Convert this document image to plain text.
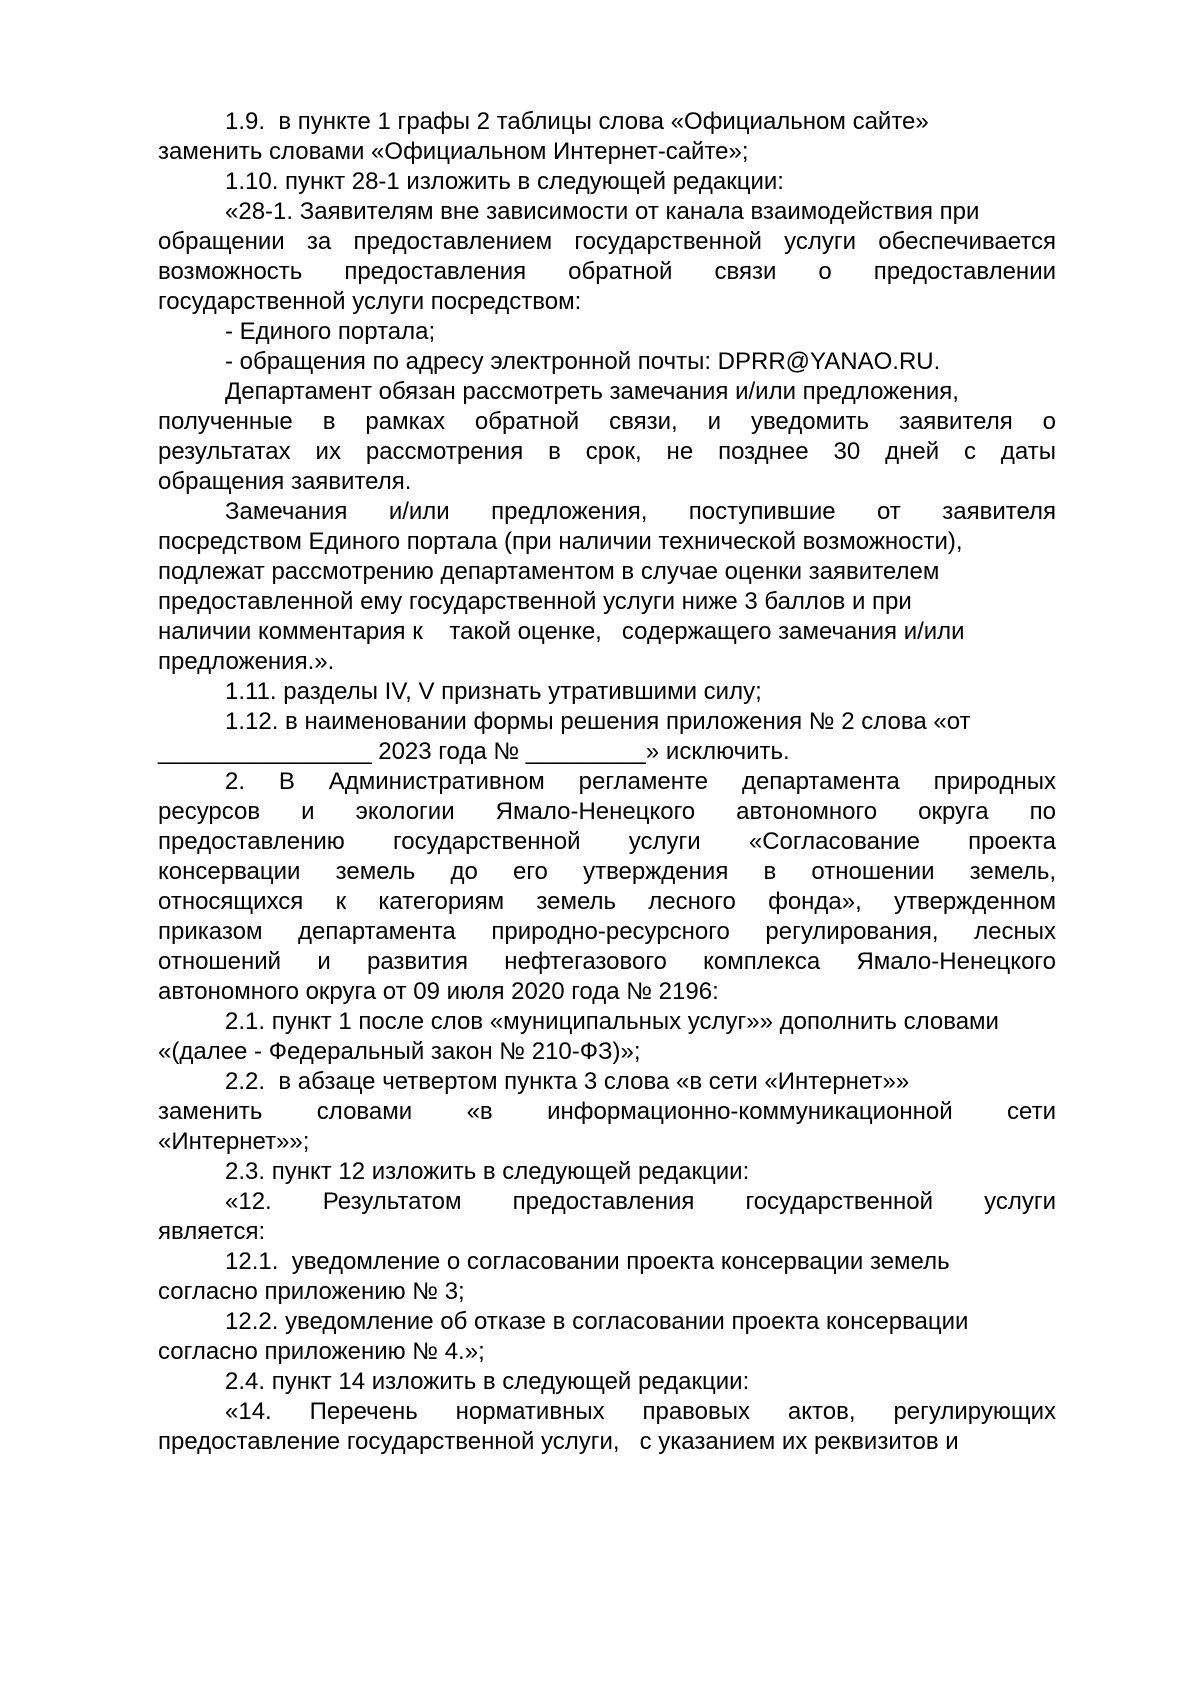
1.9.  в пункте 1 графы 2 таблицы слова «Официальном сайте»
заменить словами «Официальном Интернет-сайте»;
1.10. пункт 28-1 изложить в следующей редакции:
«28-1. Заявителям вне зависимости от канала взаимодействия при
обращении за предоставлением государственной услуги обеспечивается
возможность предоставления обратной связи о предоставлении
государственной услуги посредством:
- Единого портала;
- обращения по адресу электронной почты: DPRR@YANAO.RU.
Департамент обязан рассмотреть замечания и/или предложения,
полученные в рамках обратной связи, и уведомить заявителя о
результатах их рассмотрения в срок, не позднее 30 дней с даты
обращения заявителя.
Замечания и/или предложения, поступившие от заявителя
посредством Единого портала (при наличии технической возможности),
подлежат рассмотрению департаментом в случае оценки заявителем
предоставленной ему государственной услуги ниже 3 баллов и при
наличии комментария к    такой оценке,   содержащего замечания и/или
предложения.».
1.11. разделы IV, V признать утратившими силу;
1.12. в наименовании формы решения приложения № 2 слова «от
________________ 2023 года № _________» исключить.
2. В Административном регламенте департамента природных
ресурсов и экологии Ямало-Ненецкого автономного округа по
предоставлению государственной услуги «Согласование проекта
консервации земель до его утверждения в отношении земель,
относящихся к категориям земель лесного фонда», утвержденном
приказом департамента природно-ресурсного регулирования, лесных
отношений и развития нефтегазового комплекса Ямало-Ненецкого
автономного округа от 09 июля 2020 года № 2196:
2.1. пункт 1 после слов «муниципальных услуг»» дополнить словами
«(далее - Федеральный закон № 210-ФЗ)»;
2.2.  в абзаце четвертом пункта 3 слова «в сети «Интернет»»
заменить словами «в информационно-коммуникационной сети
«Интернет»»;
2.3. пункт 12 изложить в следующей редакции:
«12. Результатом предоставления государственной услуги
является:
12.1.  уведомление о согласовании проекта консервации земель
согласно приложению № 3;
12.2. уведомление об отказе в согласовании проекта консервации
согласно приложению № 4.»;
2.4. пункт 14 изложить в следующей редакции:
«14. Перечень нормативных правовых актов, регулирующих
предоставление государственной услуги,   с указанием их реквизитов и
